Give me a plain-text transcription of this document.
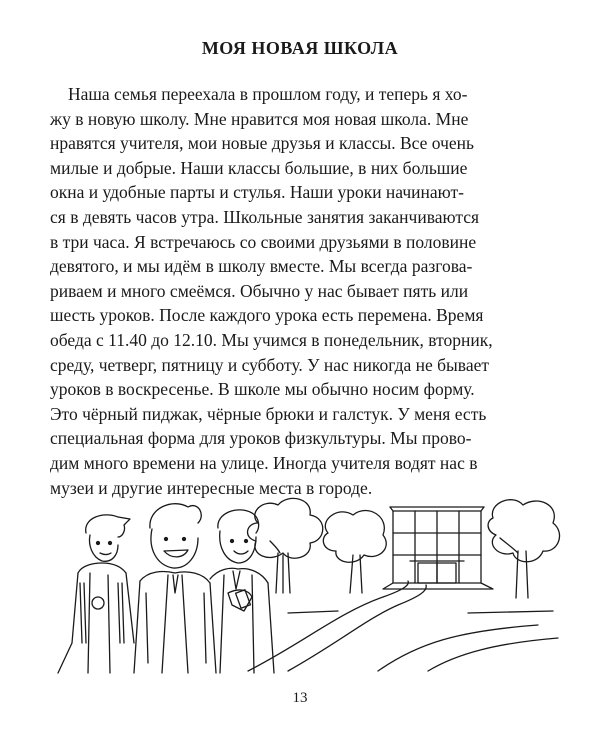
МОЯ НОВАЯ ШКОЛА
Наша семья переехала в прошлом году, и теперь я хо-
жу в новую школу. Мне нравится моя новая школа. Мне
нравятся учителя, мои новые друзья и классы. Все очень
милые и добрые. Наши классы большие, в них большие
окна и удобные парты и стулья. Наши уроки начинают-
ся в девять часов утра. Школьные занятия заканчиваются
в три часа. Я встречаюсь со своими друзьями в половине
девятого, и мы идём в школу вместе. Мы всегда разгова-
риваем и много смеёмся. Обычно у нас бывает пять или
шесть уроков. После каждого урока есть перемена. Время
обеда с 11.40 до 12.10. Мы учимся в понедельник, вторник,
среду, четверг, пятницу и субботу. У нас никогда не бывает
уроков в воскресенье. В школе мы обычно носим форму.
Это чёрный пиджак, чёрные брюки и галстук. У меня есть
специальная форма для уроков физкультуры. Мы прово-
дим много времени на улице. Иногда учителя водят нас в
музеи и другие интересные места в городе.
13
